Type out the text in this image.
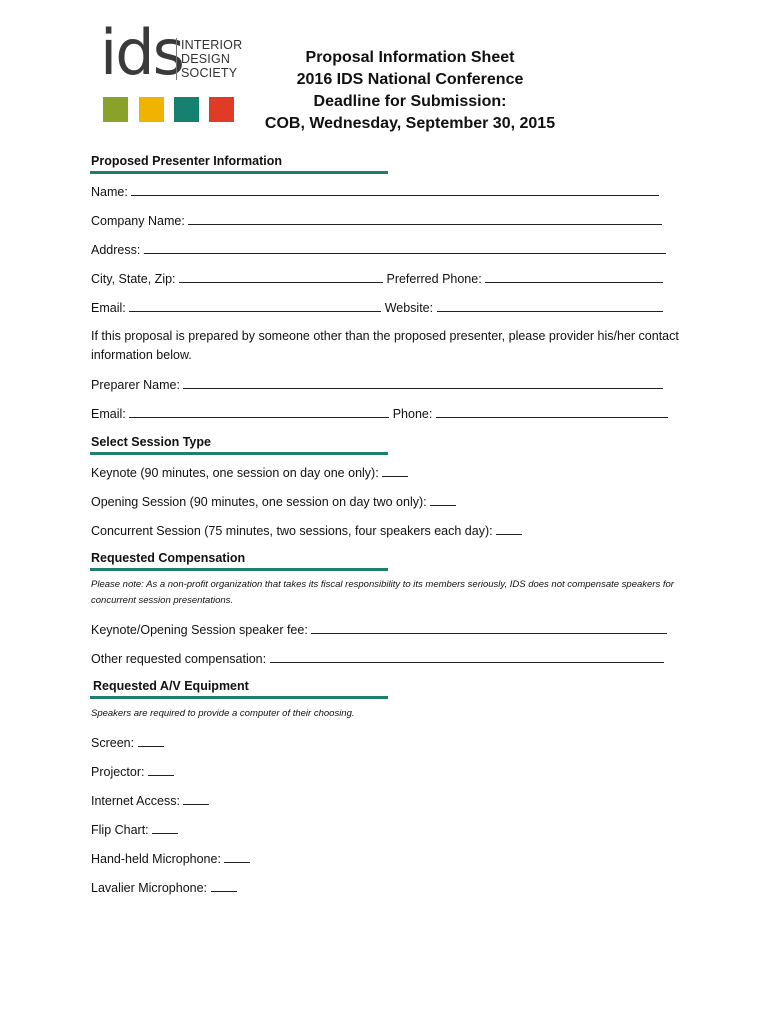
ids
INTERIOR
DESIGN
SOCIETY
Proposal Information Sheet
2016 IDS National Conference
Deadline for Submission:
COB, Wednesday, September 30, 2015
Proposed Presenter Information
Name:
Company Name:
Address:
City, State, Zip:	Preferred Phone:
Email:	Website:
If this proposal is prepared by someone other than the proposed presenter, please provider his/her contact information below.
Preparer Name:
Email:	Phone:
Select Session Type
Keynote (90 minutes, one session on day one only):
Opening Session (90 minutes, one session on day two only):
Concurrent Session (75 minutes, two sessions, four speakers each day):
Requested Compensation
Please note: As a non-profit organization that takes its fiscal responsibility to its members seriously, IDS does not compensate speakers for concurrent session presentations.
Keynote/Opening Session speaker fee:
Other requested compensation:
Requested A/V Equipment
Speakers are required to provide a computer of their choosing.
Screen:
Projector:
Internet Access:
Flip Chart:
Hand-held Microphone:
Lavalier Microphone:
